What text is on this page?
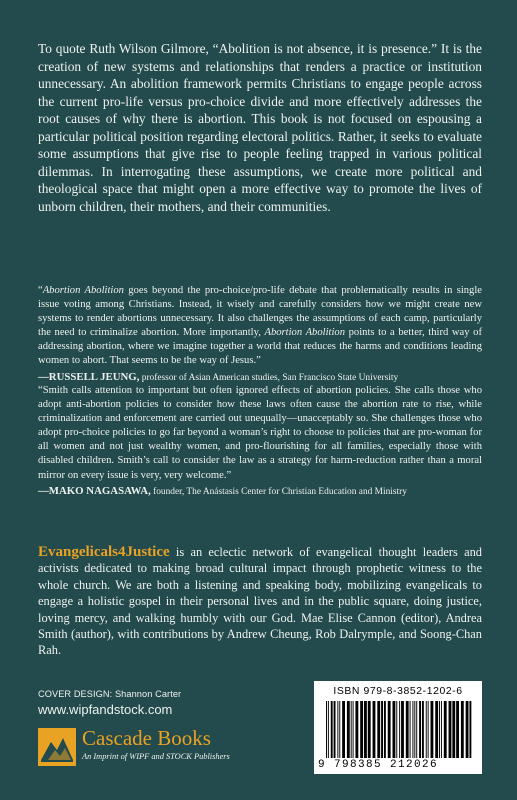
To quote Ruth Wilson Gilmore, “Abolition is not absence, it is presence.” It is the creation of new systems and relationships that renders a practice or institution unnecessary. An abolition framework permits Christians to engage people across the current pro-life versus pro-choice divide and more effectively addresses the root causes of why there is abortion. This book is not focused on espousing a particular political position regarding electoral politics. Rather, it seeks to evaluate some assumptions that give rise to people feeling trapped in various political dilemmas. In interrogating these assumptions, we create more political and theological space that might open a more effective way to promote the lives of unborn children, their mothers, and their communities.

“Abortion Abolition goes beyond the pro-choice/pro-life debate that problematically results in single issue voting among Christians. Instead, it wisely and carefully considers how we might create new systems to render abortions unnecessary. It also challenges the assumptions of each camp, particularly the need to criminalize abortion. More importantly, Abortion Abolition points to a better, third way of addressing abortion, where we imagine together a world that reduces the harms and conditions leading women to abort. That seems to be the way of Jesus.”
—RUSSELL JEUNG, professor of Asian American studies, San Francisco State University

“Smith calls attention to important but often ignored effects of abortion policies. She calls those who adopt anti-abortion policies to consider how these laws often cause the abortion rate to rise, while criminalization and enforcement are carried out unequally—unacceptably so. She challenges those who adopt pro-choice policies to go far beyond a woman’s right to choose to policies that are pro-woman for all women and not just wealthy women, and pro-flourishing for all families, especially those with disabled children. Smith’s call to consider the law as a strategy for harm-reduction rather than a moral mirror on every issue is very, very welcome.”
—MAKO NAGASAWA, founder, The Anástasis Center for Christian Education and Ministry

Evangelicals4Justice is an eclectic network of evangelical thought leaders and activists dedicated to making broad cultural impact through prophetic witness to the whole church. We are both a listening and speaking body, mobilizing evangelicals to engage a holistic gospel in their personal lives and in the public square, doing justice, loving mercy, and walking humbly with our God. Mae Elise Cannon (editor), Andrea Smith (author), with contributions by Andrew Cheung, Rob Dalrymple, and Soong-Chan Rah.

COVER DESIGN: Shannon Carter
www.wipfandstock.com
Cascade Books
An Imprint of WIPF and STOCK Publishers
ISBN 979-8-3852-1202-6
9 798385 212026
